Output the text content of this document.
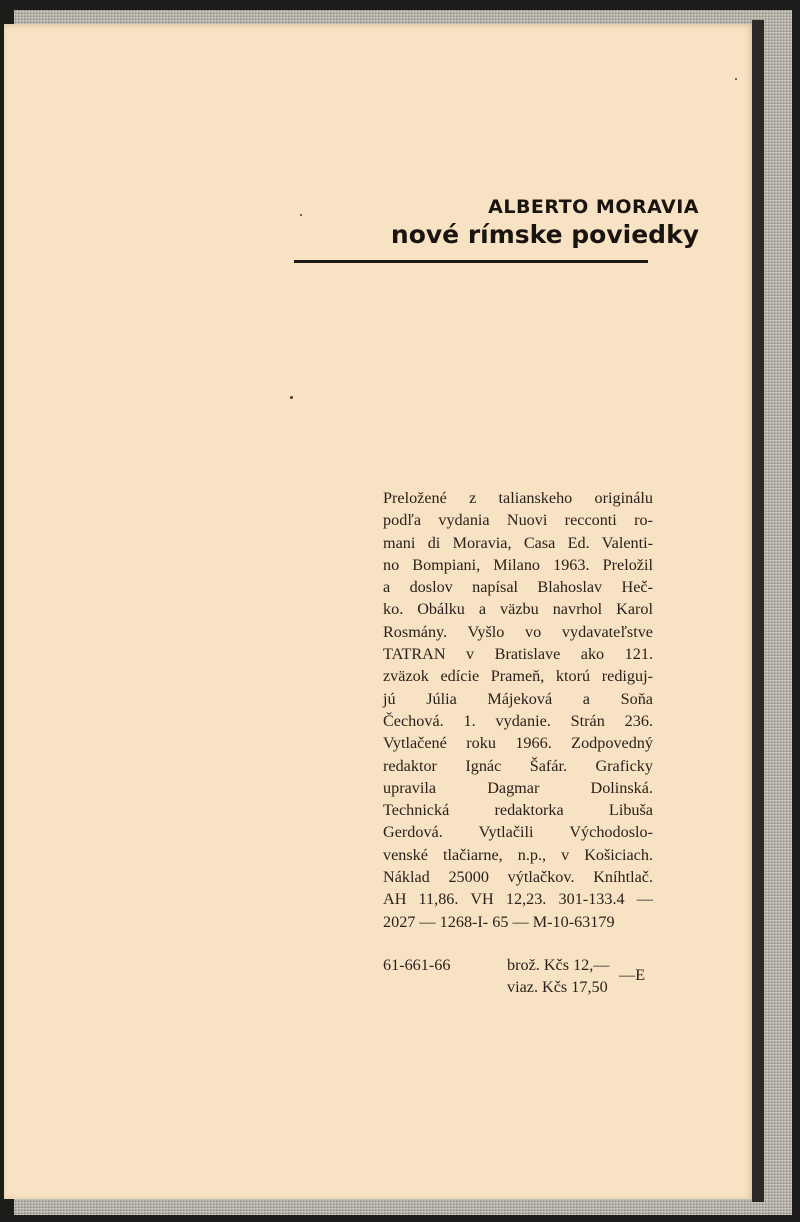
ALBERTO MORAVIA
nové rímske poviedky
Preložené z talianskeho originálu
podľa vydania Nuovi recconti ro-
mani di Moravia, Casa Ed. Valenti-
no Bompiani, Milano 1963. Preložil
a doslov napísal Blahoslav Heč-
ko. Obálku a väzbu navrhol Karol
Rosmány. Vyšlo vo vydavateľstve
TATRAN v Bratislave ako 121.
zväzok edície Prameň, ktorú rediguj-
jú Júlia Májeková a Soňa
Čechová. 1. vydanie. Strán 236.
Vytlačené roku 1966. Zodpovedný
redaktor Ignác Šafár. Graficky
upravila Dagmar Dolinská.
Technická redaktorka Libuša
Gerdová. Vytlačili Východoslo-
venské tlačiarne, n.p., v Košiciach.
Náklad 25000 výtlačkov. Kníhtlač.
AH 11,86. VH 12,23. 301-133.4 —
2027 — 1268-I- 65 — M-10-63179
61-661-66	brož. Kčs 12,—
viaz. Kčs 17,50
—E
